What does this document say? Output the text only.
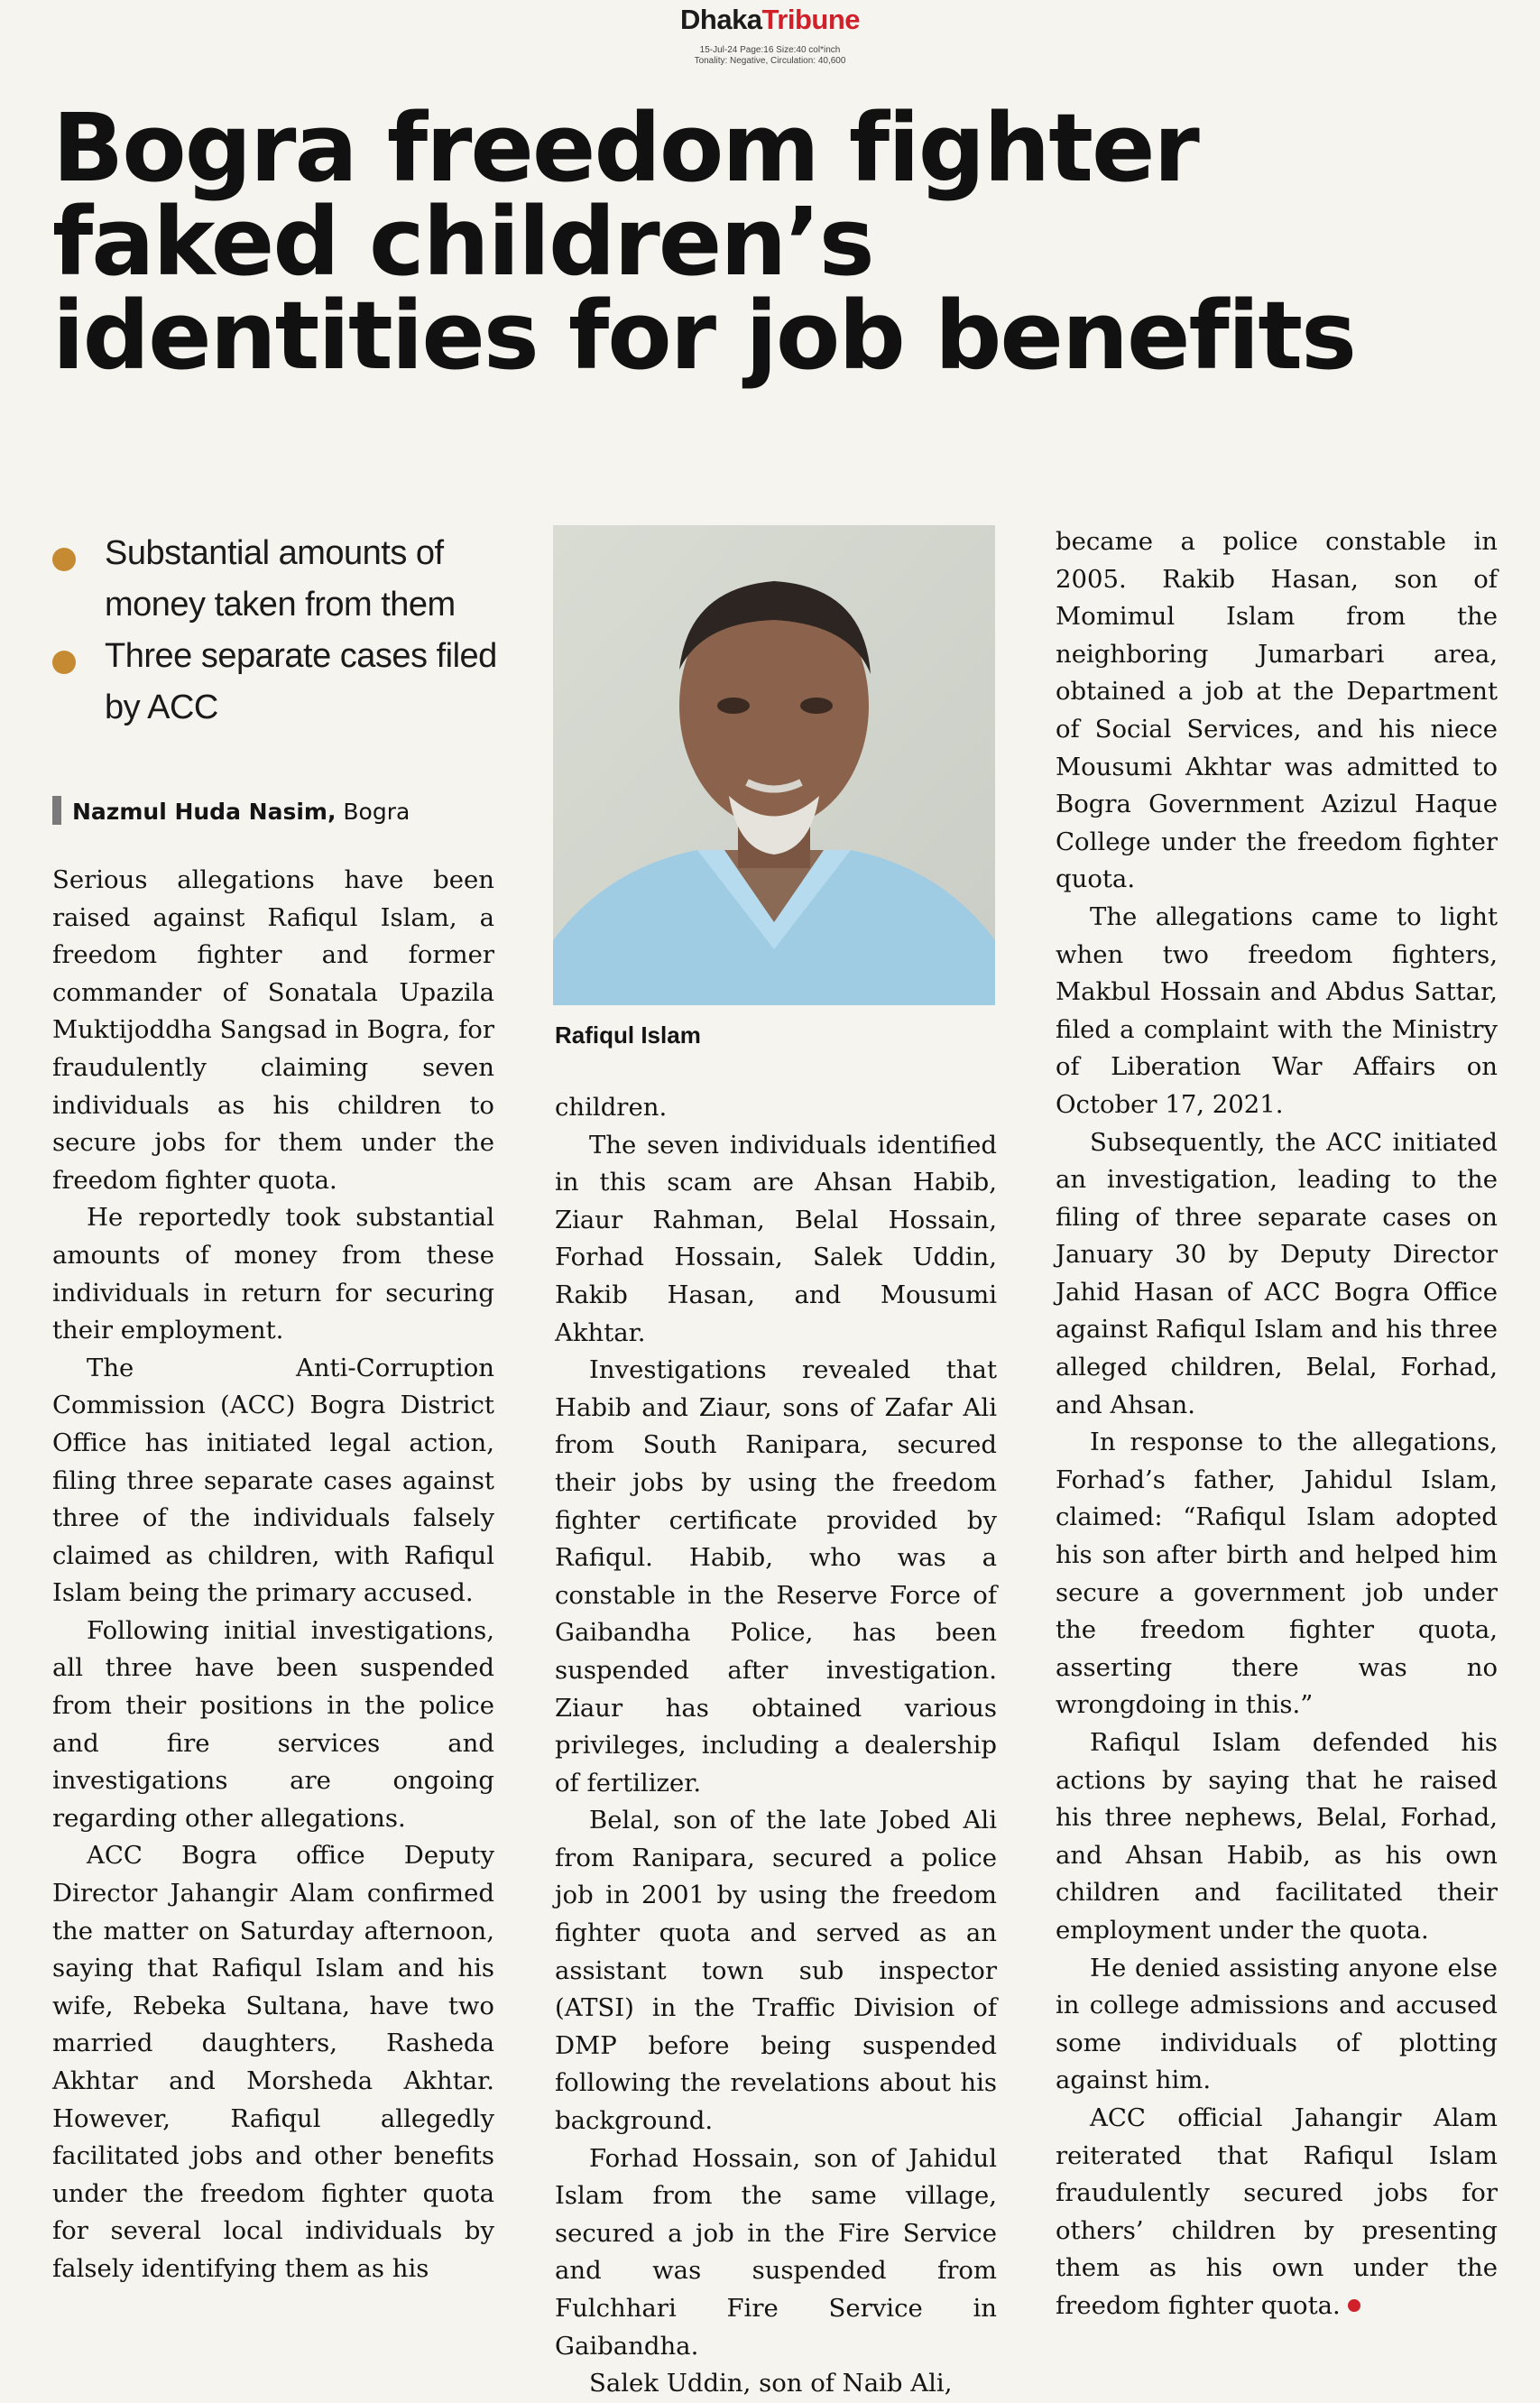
DhakaTribune
15-Jul-24 Page:16 Size:40 col*inch
Tonality: Negative, Circulation: 40,600
Bogra freedom fighter
faked children’s
identities for job benefits
Substantial amounts of money taken from them
Three separate cases filed by ACC
Nazmul Huda Nasim, Bogra
Rafiqul Islam

Serious allegations have been raised against Rafiqul Islam, a freedom fighter and former commander of Sonatala Upazila Muktijoddha Sangsad in Bogra, for fraudulently claiming seven individuals as his children to secure jobs for them under the freedom fighter quota.

He reportedly took substantial amounts of money from these individuals in return for securing their employment.

The Anti-Corruption Commission (ACC) Bogra District Office has initiated legal action, filing three separate cases against three of the individuals falsely claimed as children, with Rafiqul Islam being the primary accused.

Following initial investigations, all three have been suspended from their positions in the police and fire services and investigations are ongoing regarding other allegations.

ACC Bogra office Deputy Director Jahangir Alam confirmed the matter on Saturday afternoon, saying that Rafiqul Islam and his wife, Rebeka Sultana, have two married daughters, Rasheda Akhtar and Morsheda Akhtar. However, Rafiqul allegedly facilitated jobs and other benefits under the freedom fighter quota for several local individuals by falsely identifying them as his

children.

The seven individuals identified in this scam are Ahsan Habib, Ziaur Rahman, Belal Hossain, Forhad Hossain, Salek Uddin, Rakib Hasan, and Mousumi Akhtar.

Investigations revealed that Habib and Ziaur, sons of Zafar Ali from South Ranipara, secured their jobs by using the freedom fighter certificate provided by Rafiqul. Habib, who was a constable in the Reserve Force of Gaibandha Police, has been suspended after investigation. Ziaur has obtained various privileges, including a dealership of fertilizer.

Belal, son of the late Jobed Ali from Ranipara, secured a police job in 2001 by using the freedom fighter quota and served as an assistant town sub inspector (ATSI) in the Traffic Division of DMP before being suspended following the revelations about his background.

Forhad Hossain, son of Jahidul Islam from the same village, secured a job in the Fire Service and was suspended from Fulchhari Fire Service in Gaibandha.

Salek Uddin, son of Naib Ali,

became a police constable in 2005. Rakib Hasan, son of Momimul Islam from the neighboring Jumarbari area, obtained a job at the Department of Social Services, and his niece Mousumi Akhtar was admitted to Bogra Government Azizul Haque College under the freedom fighter quota.

The allegations came to light when two freedom fighters, Makbul Hossain and Abdus Sattar, filed a complaint with the Ministry of Liberation War Affairs on October 17, 2021.

Subsequently, the ACC initiated an investigation, leading to the filing of three separate cases on January 30 by Deputy Director Jahid Hasan of ACC Bogra Office against Rafiqul Islam and his three alleged children, Belal, Forhad, and Ahsan.

In response to the allegations, Forhad’s father, Jahidul Islam, claimed: “Rafiqul Islam adopted his son after birth and helped him secure a government job under the freedom fighter quota, asserting there was no wrongdoing in this.”

Rafiqul Islam defended his actions by saying that he raised his three nephews, Belal, Forhad, and Ahsan Habib, as his own children and facilitated their employment under the quota.

He denied assisting anyone else in college admissions and accused some individuals of plotting against him.

ACC official Jahangir Alam reiterated that Rafiqul Islam fraudulently secured jobs for others’ children by presenting them as his own under the freedom fighter quota.
